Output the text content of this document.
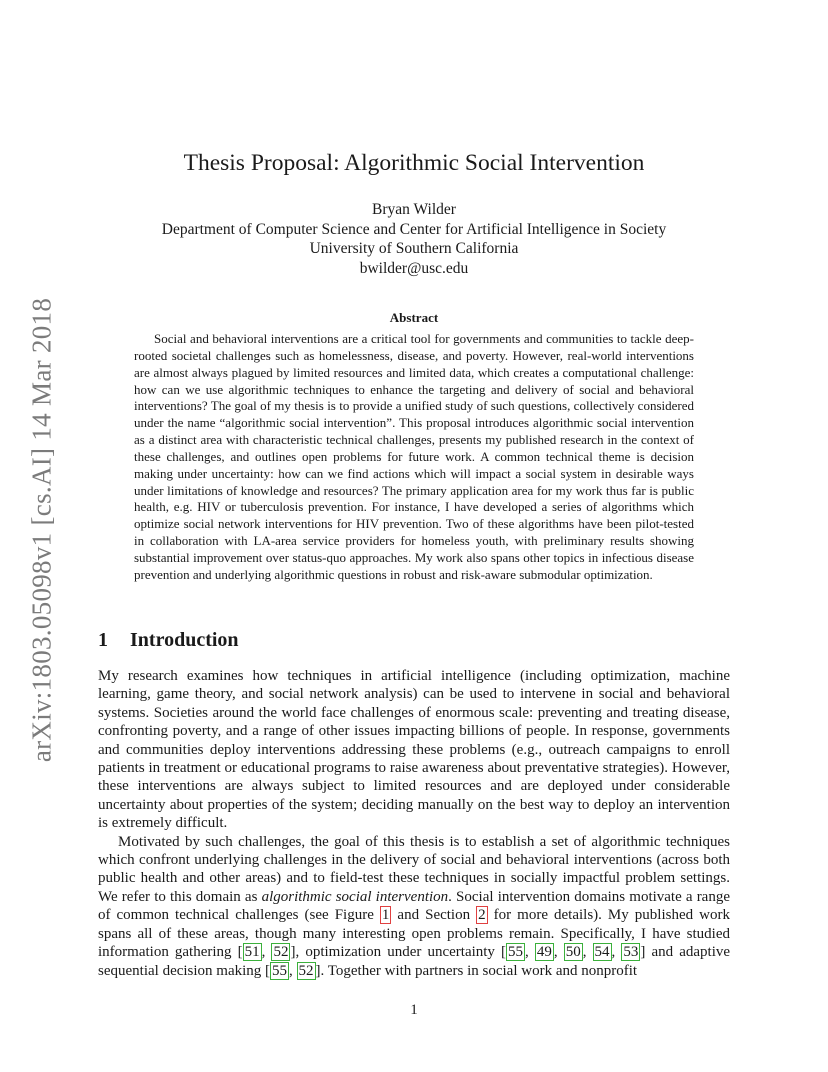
arXiv:1803.05098v1 [cs.AI] 14 Mar 2018
Thesis Proposal: Algorithmic Social Intervention
Bryan Wilder
Department of Computer Science and Center for Artificial Intelligence in Society
University of Southern California
bwilder@usc.edu
Abstract
Social and behavioral interventions are a critical tool for governments and communities to tackle deep-rooted societal challenges such as homelessness, disease, and poverty. However, real-world interventions are almost always plagued by limited resources and limited data, which creates a computational challenge: how can we use algorithmic techniques to enhance the targeting and delivery of social and behavioral interventions? The goal of my thesis is to provide a unified study of such questions, collectively considered under the name “algorithmic social intervention”. This proposal introduces algorithmic social intervention as a distinct area with characteristic technical challenges, presents my published research in the context of these challenges, and outlines open problems for future work. A common technical theme is decision making under uncertainty: how can we find actions which will impact a social system in desirable ways under limitations of knowledge and resources? The primary application area for my work thus far is public health, e.g. HIV or tuberculosis prevention. For instance, I have developed a series of algorithms which optimize social network interventions for HIV prevention. Two of these algorithms have been pilot-tested in collaboration with LA-area service providers for homeless youth, with preliminary results showing substantial improvement over status-quo approaches. My work also spans other topics in infectious disease prevention and underlying algorithmic questions in robust and risk-aware submodular optimization.
1 Introduction

My research examines how techniques in artificial intelligence (including optimization, machine learning, game theory, and social network analysis) can be used to intervene in social and behavioral systems. Societies around the world face challenges of enormous scale: preventing and treating disease, confronting poverty, and a range of other issues impacting billions of people. In response, governments and communities deploy interventions addressing these problems (e.g., outreach campaigns to enroll patients in treatment or educational programs to raise awareness about preventative strategies). However, these interventions are always subject to limited resources and are deployed under considerable uncertainty about properties of the system; deciding manually on the best way to deploy an intervention is extremely difficult.

Motivated by such challenges, the goal of this thesis is to establish a set of algorithmic techniques which confront underlying challenges in the delivery of social and behavioral interventions (across both public health and other areas) and to field-test these techniques in socially impactful problem settings. We refer to this domain as algorithmic social intervention. Social intervention domains motivate a range of common technical challenges (see Figure 1 and Section 2 for more details). My published work spans all of these areas, though many interesting open problems remain. Specifically, I have studied information gathering [ 51 , 52 ], optimization under uncertainty [ 55 , 49 , 50 , 54 , 53 ] and adaptive sequential decision making [ 55 , 52 ]. Together with partners in social work and nonprofit

1
